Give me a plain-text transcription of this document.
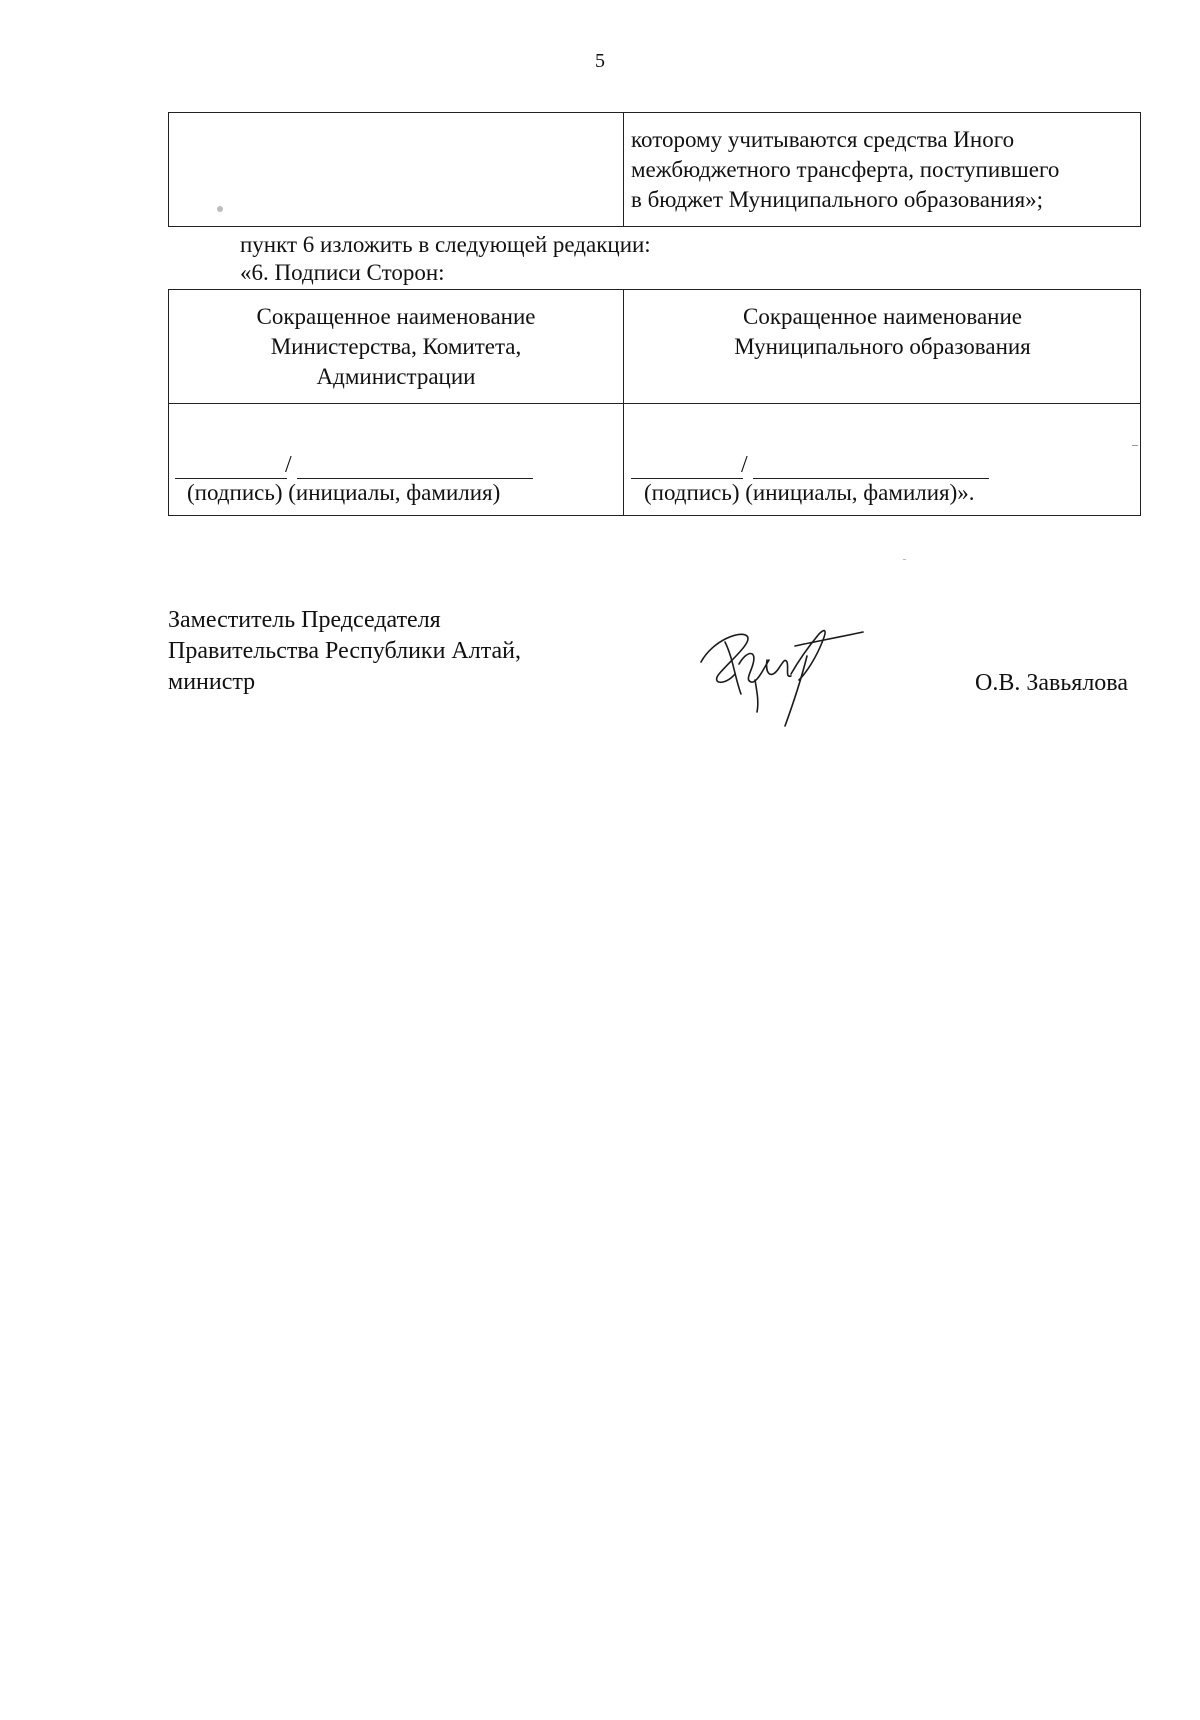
5
которому учитываются средства Иного
межбюджетного трансферта, поступившего
в бюджет Муниципального образования»;
пункт 6 изложить в следующей редакции:
«6. Подписи Сторон:
Сокращенное наименование
Министерства, Комитета,
Администрации
Сокращенное наименование
Муниципального образования
/
(подпись) (инициалы, фамилия)
/
(подпись) (инициалы, фамилия)».
Заместитель Председателя
Правительства Республики Алтай,
министр	О.В. Завьялова
